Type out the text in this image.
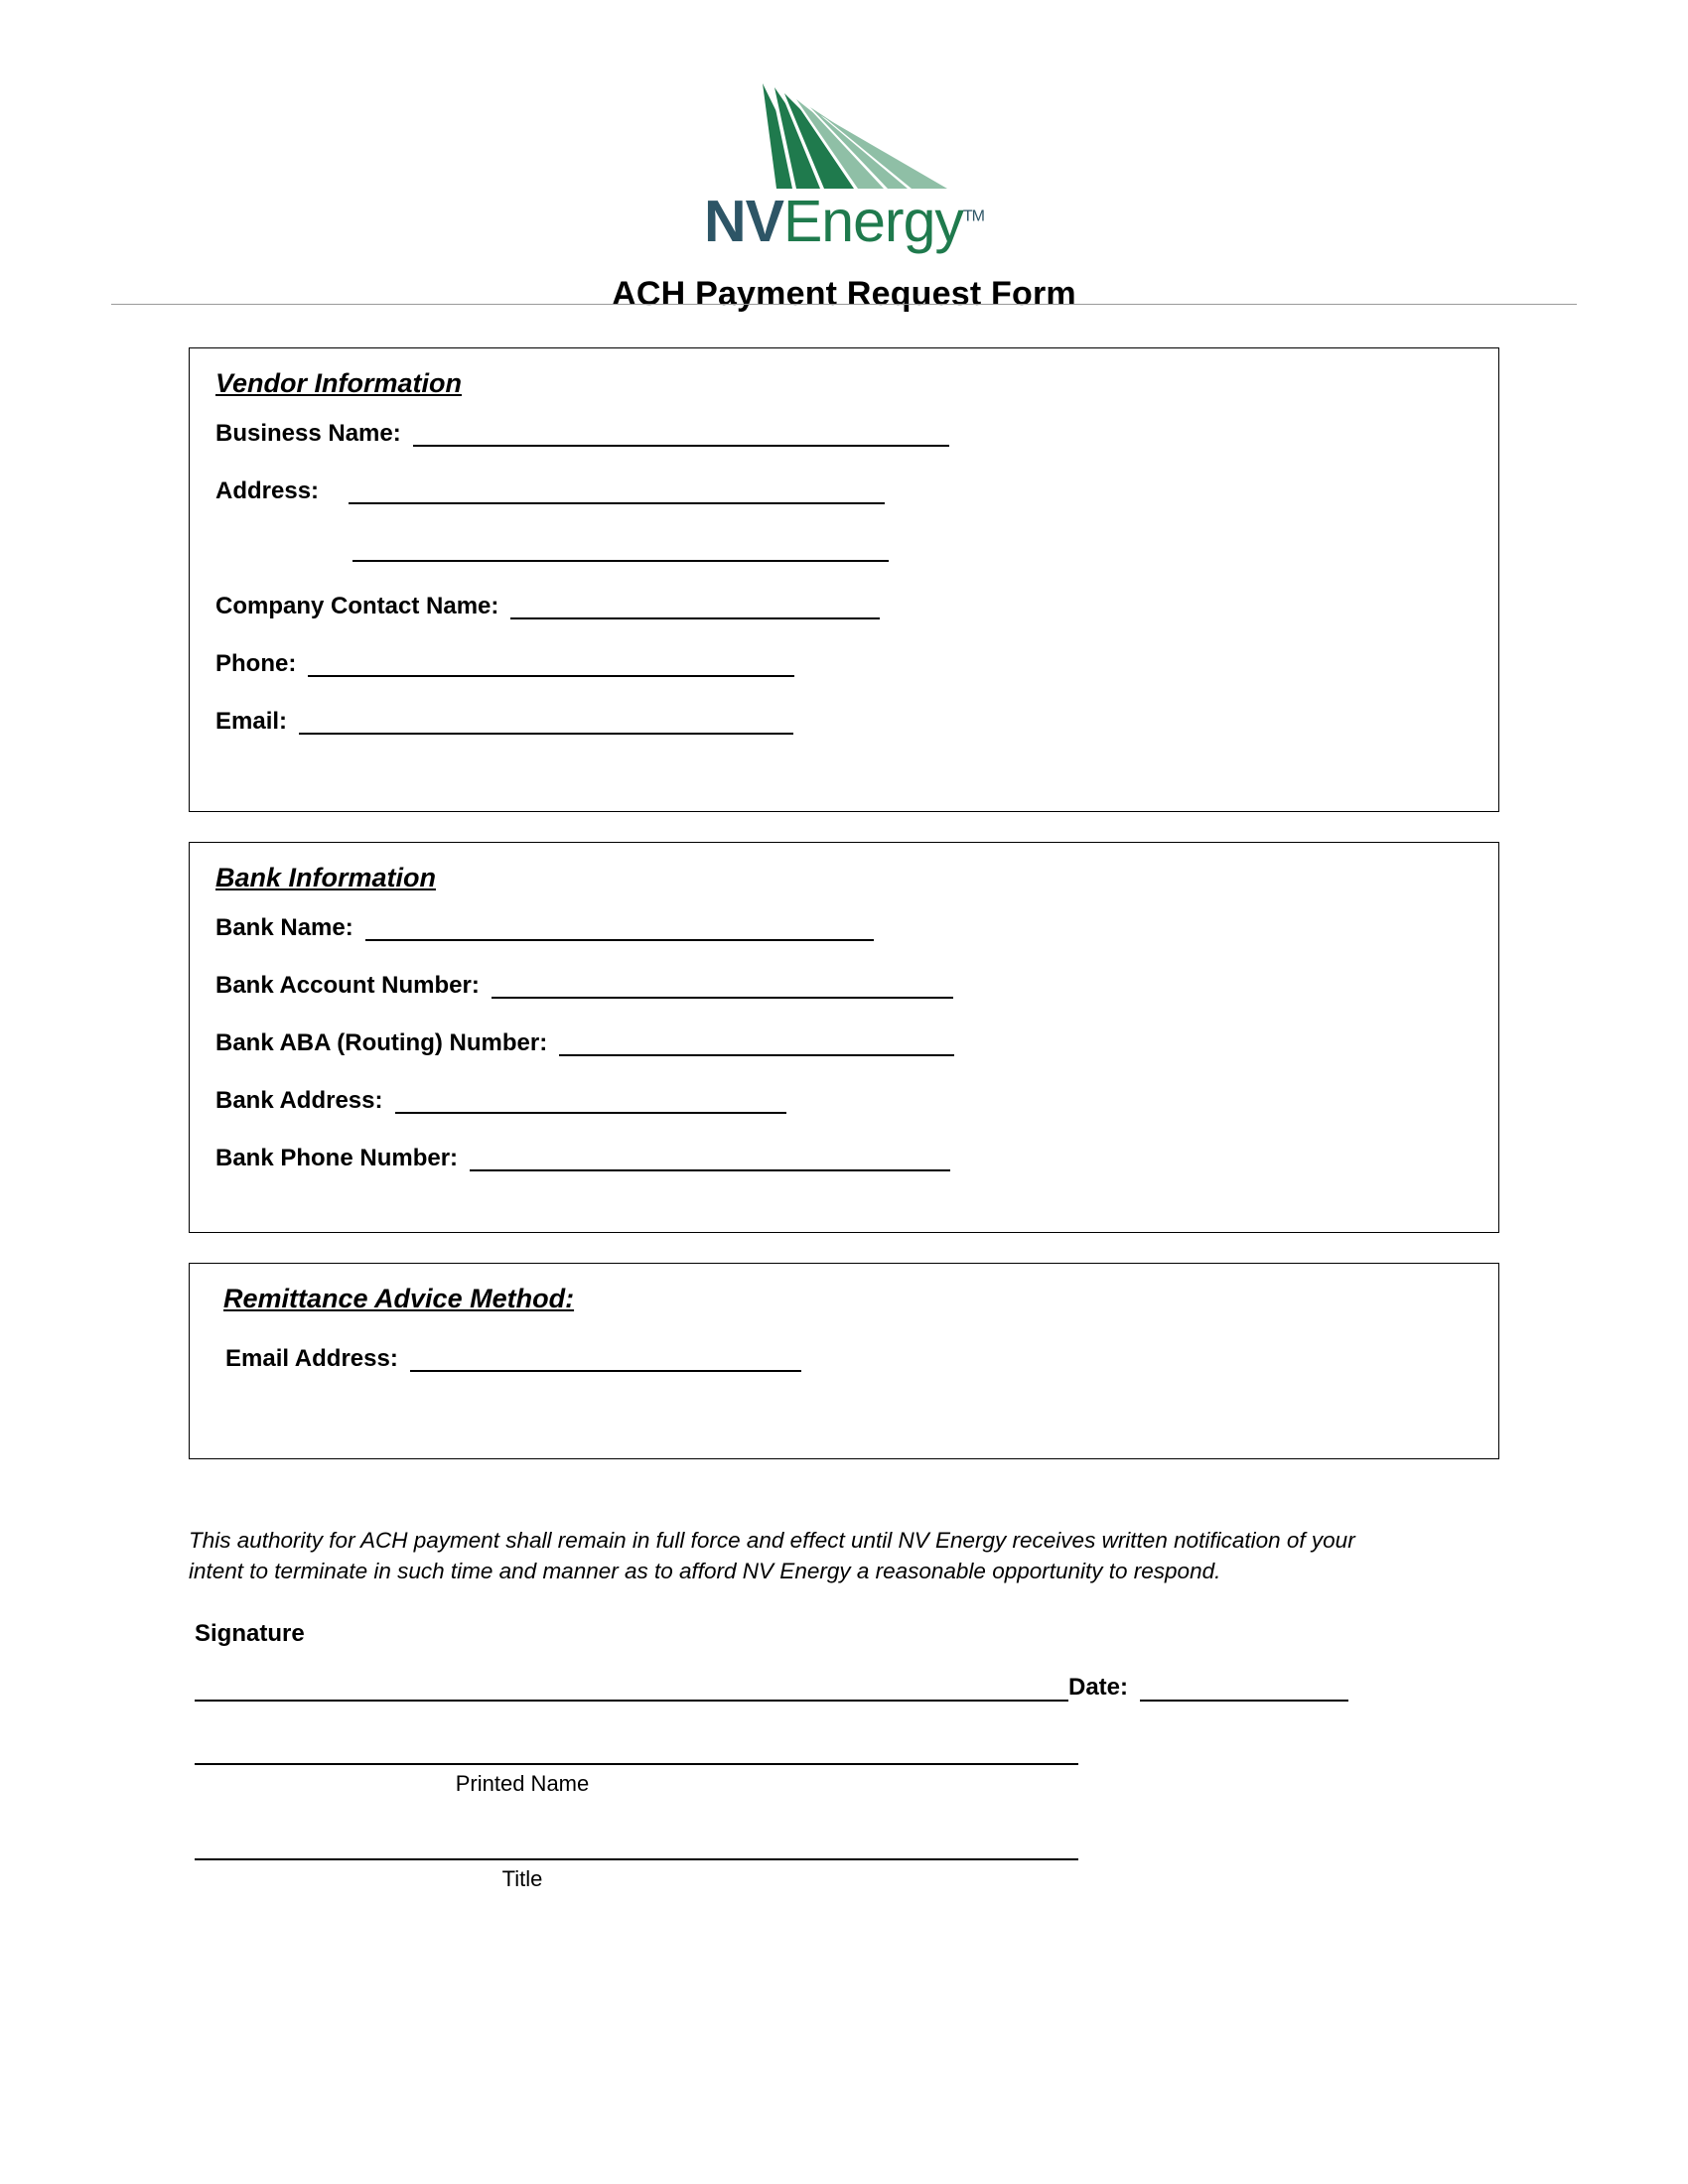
NVEnergy™
ACH Payment Request Form
Vendor Information
Business Name:
Address:
Company Contact Name:
Phone:
Email:
Bank Information
Bank Name:
Bank Account Number:
Bank ABA (Routing) Number:
Bank Address:
Bank Phone Number:
Remittance Advice Method:
Email Address:
This authority for ACH payment shall remain in full force and effect until NV Energy receives written notification of your intent to terminate in such time and manner as to afford NV Energy a reasonable opportunity to respond.
Signature
Date:
Printed Name
Title
